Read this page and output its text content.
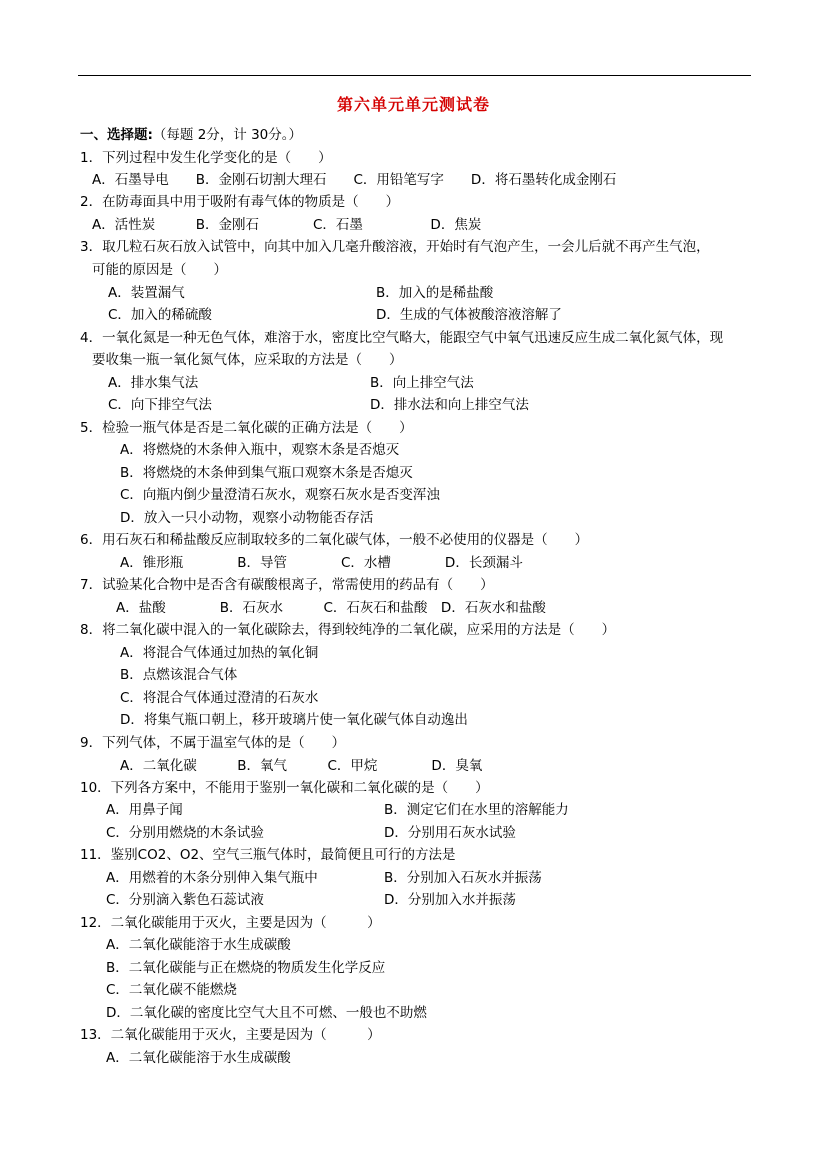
第六单元单元测试卷
一、选择题:（每题 2分，计 30分。）
1．下列过程中发生化学变化的是（　　）
A．石墨导电　　B．金刚石切割大理石　　C．用铅笔写字　　D．将石墨转化成金刚石
2．在防毒面具中用于吸附有毒气体的物质是（　　）
A．活性炭　　　B．金刚石　　　　C．石墨　　　　　D．焦炭
3．取几粒石灰石放入试管中，向其中加入几毫升酸溶液，开始时有气泡产生，一会儿后就不再产生气泡，
可能的原因是（　　）
A．装置漏气	B．加入的是稀盐酸
C．加入的稀硫酸	D．生成的气体被酸溶液溶解了
4．一氧化氮是一种无色气体，难溶于水，密度比空气略大，能跟空气中氧气迅速反应生成二氧化氮气体，现
要收集一瓶一氧化氮气体，应采取的方法是（　　）
A．排水集气法	B．向上排空气法
C．向下排空气法	D．排水法和向上排空气法
5．检验一瓶气体是否是二氧化碳的正确方法是（　　）
A．将燃烧的木条伸入瓶中，观察木条是否熄灭
B．将燃烧的木条伸到集气瓶口观察木条是否熄灭
C．向瓶内倒少量澄清石灰水，观察石灰水是否变浑浊
D．放入一只小动物，观察小动物能否存活
6．用石灰石和稀盐酸反应制取较多的二氧化碳气体，一般不必使用的仪器是（　　）
A．锥形瓶　　　　B．导管　　　　C．水槽　　　　D．长颈漏斗
7．试验某化合物中是否含有碳酸根离子，常需使用的药品有（　　）
A．盐酸　　　　B．石灰水　　　C．石灰石和盐酸　D．石灰水和盐酸
8．将二氧化碳中混入的一氧化碳除去，得到较纯净的二氧化碳，应采用的方法是（　　）
A．将混合气体通过加热的氧化铜
B．点燃该混合气体
C．将混合气体通过澄清的石灰水
D．将集气瓶口朝上，移开玻璃片使一氧化碳气体自动逸出
9．下列气体，不属于温室气体的是（　　）
A．二氧化碳　　　B．氧气　　　C．甲烷　　　　D．臭氧
10．下列各方案中，不能用于鉴别一氧化碳和二氧化碳的是（　　）
A．用鼻子闻	B．测定它们在水里的溶解能力
C．分别用燃烧的木条试验	D．分别用石灰水试验
11．鉴别CO2、O2、空气三瓶气体时，最简便且可行的方法是
A．用燃着的木条分别伸入集气瓶中	B．分别加入石灰水并振荡
C．分别滴入紫色石蕊试液	D．分别加入水并振荡
12．二氧化碳能用于灭火，主要是因为（　　　）
A．二氧化碳能溶于水生成碳酸
B．二氧化碳能与正在燃烧的物质发生化学反应
C．二氧化碳不能燃烧
D．二氧化碳的密度比空气大且不可燃、一般也不助燃
13．二氧化碳能用于灭火，主要是因为（　　　）
A．二氧化碳能溶于水生成碳酸
